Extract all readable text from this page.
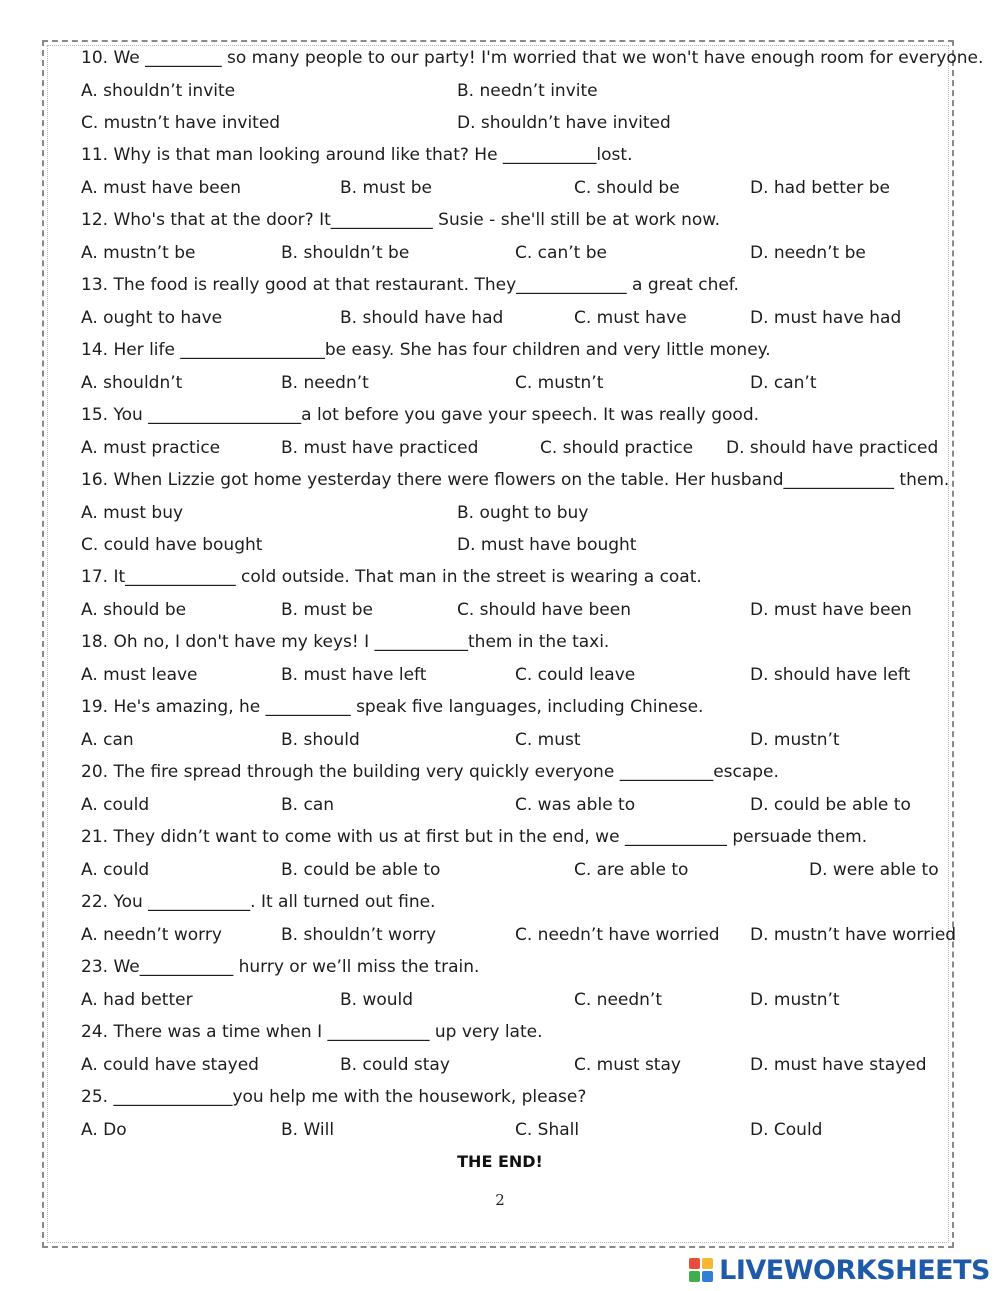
10. We _________ so many people to our party! I'm worried that we won't have enough room for everyone.
A. shouldn’t invite	B. needn’t invite
C. mustn’t have invited	D. shouldn’t have invited
11. Why is that man looking around like that? He ___________lost.
A. must have been	B. must be	C. should be	D. had better be
12. Who's that at the door? It____________ Susie - she'll still be at work now.
A. mustn’t be	B. shouldn’t be	C. can’t be	D. needn’t be
13. The food is really good at that restaurant. They_____________ a great chef.
A. ought to have	B. should have had	C. must have	D. must have had
14. Her life _________________be easy. She has four children and very little money.
A. shouldn’t	B. needn’t	C. mustn’t	D. can’t
15. You __________________a lot before you gave your speech. It was really good.
A. must practice	B. must have practiced	C. should practice D. should have practiced
16. When Lizzie got home yesterday there were flowers on the table. Her husband_____________ them.
A. must buy	B. ought to buy
C. could have bought	D. must have bought
17. It_____________ cold outside. That man in the street is wearing a coat.
A. should be	B. must be	C. should have been	D. must have been
18. Oh no, I don't have my keys! I ___________them in the taxi.
A. must leave	B. must have left	C. could leave	D. should have left
19. He's amazing, he __________ speak five languages, including Chinese.
A. can	B. should	C. must	D. mustn’t
20. The fire spread through the building very quickly everyone ___________escape.
A. could	B. can	C. was able to	D. could be able to
21. They didn’t want to come with us at first but in the end, we ____________ persuade them.
A. could	B. could be able to	C. are able to	D. were able to
22. You ____________. It all turned out fine.
A. needn’t worry	B. shouldn’t worry	C. needn’t have worried D. mustn’t have worried
23. We___________ hurry or we’ll miss the train.
A. had better	B. would	C. needn’t	D. mustn’t
24. There was a time when I ____________ up very late.
A. could have stayed	B. could stay	C. must stay	D. must have stayed
25. ______________you help me with the housework, please?
A. Do	B. Will	C. Shall	D. Could
THE END!
2
LIVEWORKSHEETS
